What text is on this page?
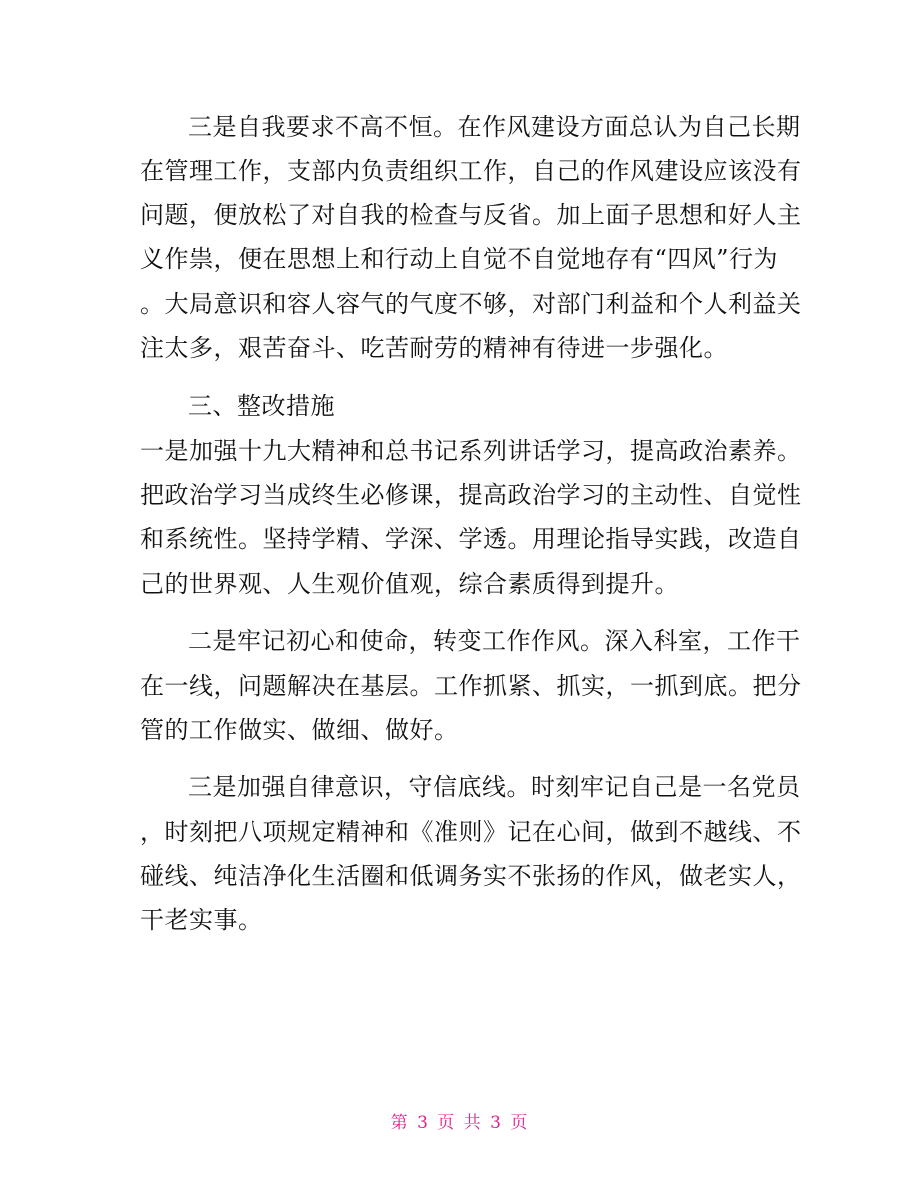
三是自我要求不高不恒。在作风建设方面总认为自己长期

在管理工作，支部内负责组织工作，自己的作风建设应该没有

问题，便放松了对自我的检查与反省。加上面子思想和好人主

义作祟，便在思想上和行动上自觉不自觉地存有“四风”行为

。大局意识和容人容气的气度不够，对部门利益和个人利益关

注太多，艰苦奋斗、吃苦耐劳的精神有待进一步强化。

三、整改措施

一是加强十九大精神和总书记系列讲话学习，提高政治素养。

把政治学习当成终生必修课，提高政治学习的主动性、自觉性

和系统性。坚持学精、学深、学透。用理论指导实践，改造自

己的世界观、人生观价值观，综合素质得到提升。

二是牢记初心和使命，转变工作作风。深入科室，工作干

在一线，问题解决在基层。工作抓紧、抓实，一抓到底。把分

管的工作做实、做细、做好。

三是加强自律意识，守信底线。时刻牢记自己是一名党员

，时刻把八项规定精神和《准则》记在心间，做到不越线、不

碰线、纯洁净化生活圈和低调务实不张扬的作风，做老实人，

干老实事。

第 3 页 共 3 页
